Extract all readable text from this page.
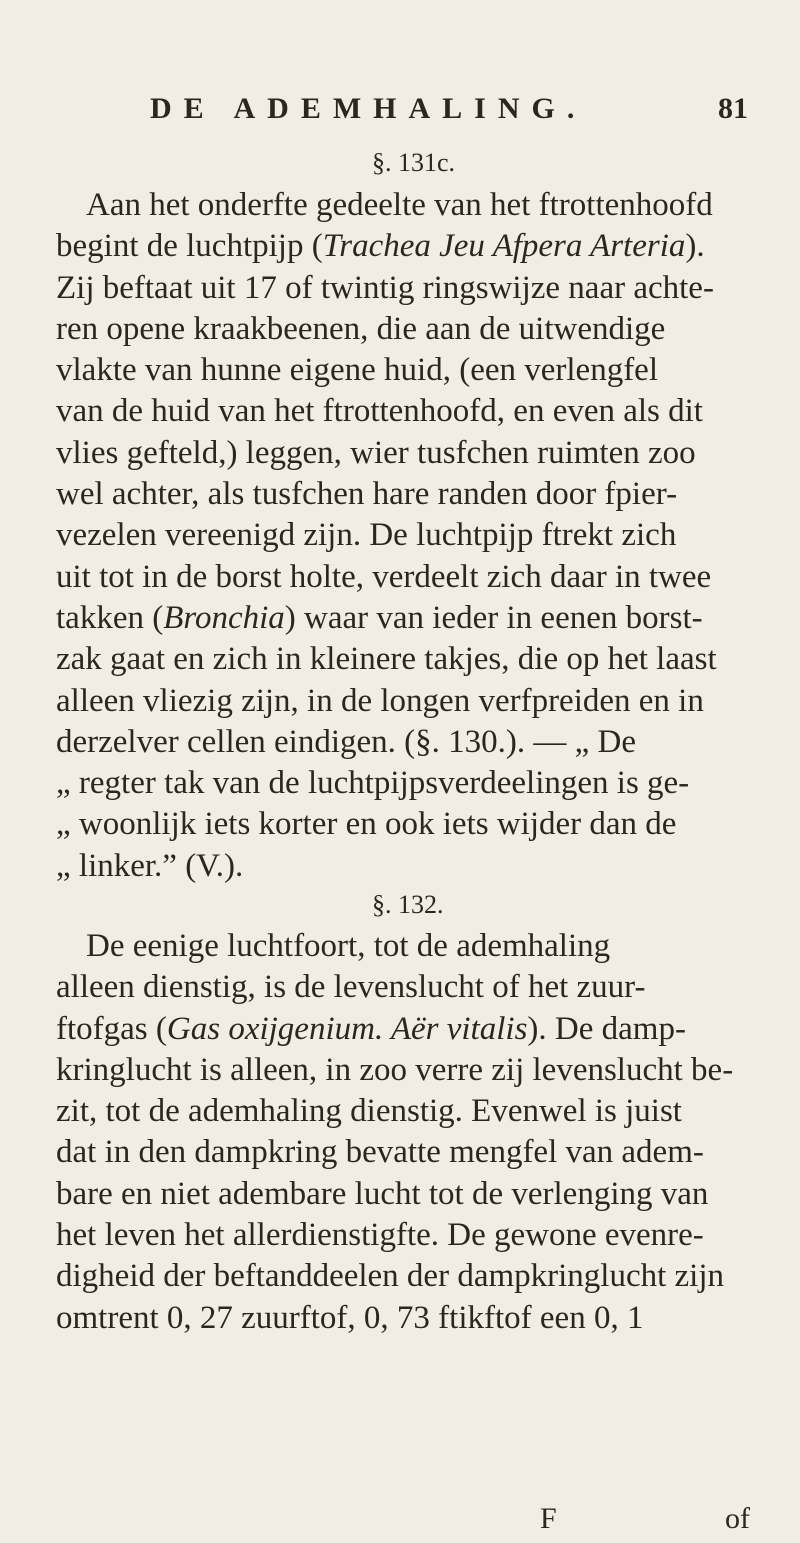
DE ADEMHALING.	81
§. 131c.
Aan het onderfte gedeelte van het ftrottenhoofd
begint de luchtpijp (Trachea Jeu Afpera Arteria).
Zij beftaat uit 17 of twintig ringswijze naar achte-
ren opene kraakbeenen, die aan de uitwendige
vlakte van hunne eigene huid, (een verlengfel
van de huid van het ftrottenhoofd, en even als dit
vlies gefteld,) leggen, wier tusfchen ruimten zoo
wel achter, als tusfchen hare randen door fpier-
vezelen vereenigd zijn. De luchtpijp ftrekt zich
uit tot in de borst holte, verdeelt zich daar in twee
takken (Bronchia) waar van ieder in eenen borst-
zak gaat en zich in kleinere takjes, die op het laast
alleen vliezig zijn, in de longen verfpreiden en in
derzelver cellen eindigen. (§. 130.). — „ De
„ regter tak van de luchtpijpsverdeelingen is ge-
„ woonlijk iets korter en ook iets wijder dan de
„ linker.” (V.).
§. 132.
De eenige luchtfoort, tot de ademhaling
alleen dienstig, is de levenslucht of het zuur-
ftofgas (Gas oxijgenium. Aër vitalis). De damp-
kringlucht is alleen, in zoo verre zij levenslucht be-
zit, tot de ademhaling dienstig. Evenwel is juist
dat in den dampkring bevatte mengfel van adem-
bare en niet adembare lucht tot de verlenging van
het leven het allerdienstigfte. De gewone evenre-
digheid der beftanddeelen der dampkringlucht zijn
omtrent 0, 27 zuurftof, 0, 73 ftikftof een 0, 1
F	of
